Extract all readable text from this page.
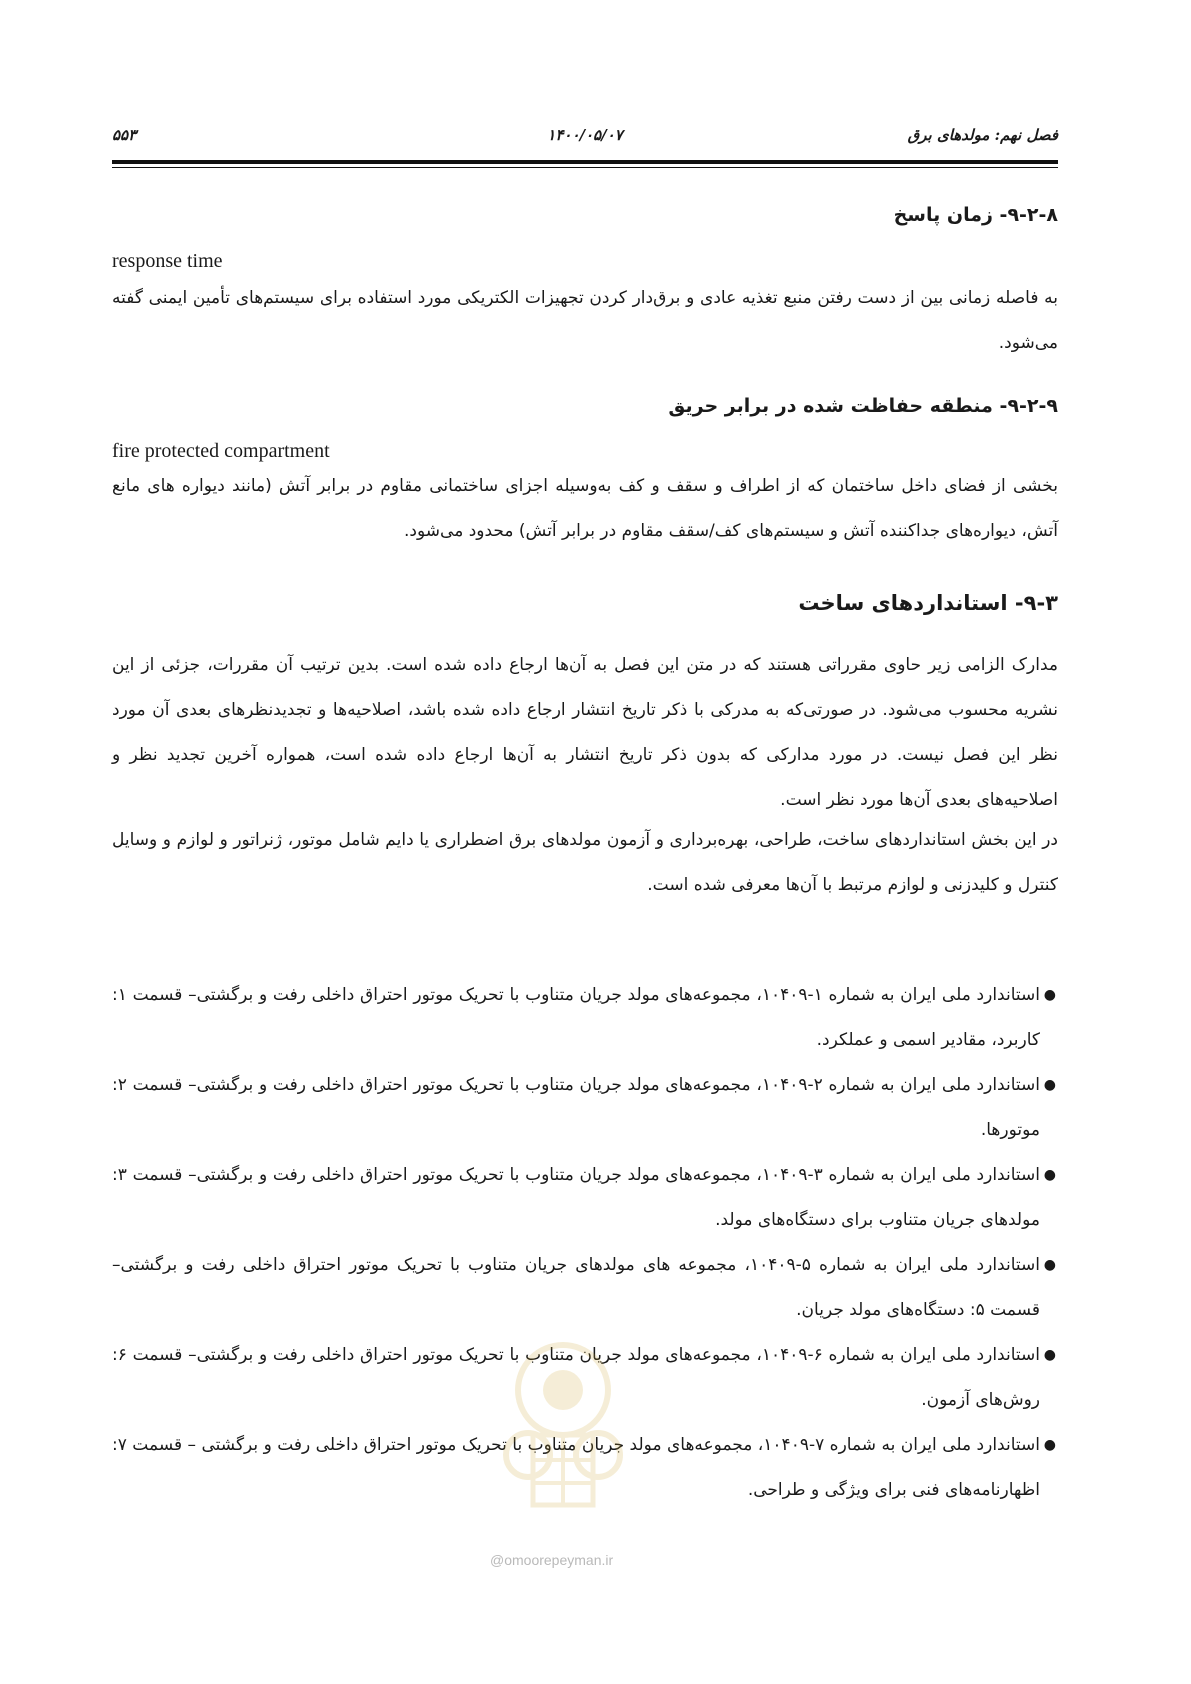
فصل نهم: مولدهای برق
۱۴۰۰/۰۵/۰۷
۵۵۳
۹-۲-۸- زمان پاسخ
response time
به فاصله زمانی بین از دست رفتن منبع تغذیه عادی و برق‌دار کردن تجهیزات الکتریکی مورد استفاده برای سیستم‌های تأمین ایمنی گفته می‌شود.
۹-۲-۹- منطقه حفاظت شده در برابر حریق
fire protected compartment
بخشی از فضای داخل ساختمان که از اطراف و سقف و کف به‌وسیله اجزای ساختمانی مقاوم در برابر آتش (مانند دیواره های مانع آتش، دیواره‌های جداکننده آتش و سیستم‌های کف/سقف مقاوم در برابر آتش) محدود می‌شود.
۹-۳- استانداردهای ساخت
مدارک الزامی زیر حاوی مقرراتی هستند که در متن این فصل به آن‌ها ارجاع داده شده است. بدین ترتیب آن مقررات، جزئی از این نشریه محسوب می‌شود. در صورتی‌که به مدرکی با ذکر تاریخ انتشار ارجاع داده شده باشد، اصلاحیه‌ها و تجدیدنظرهای بعدی آن مورد نظر این فصل نیست. در مورد مدارکی که بدون ذکر تاریخ انتشار به آن‌ها ارجاع داده شده است، همواره آخرین تجدید نظر و اصلاحیه‌های بعدی آن‌ها مورد نظر است.
در این بخش استانداردهای ساخت، طراحی، بهره‌برداری و آزمون مولدهای برق اضطراری یا دایم شامل موتور، ژنراتور و لوازم و وسایل کنترل و کلیدزنی و لوازم مرتبط با آن‌ها معرفی شده است.
●
استاندارد ملی ایران به شماره ۱-۱۰۴۰۹، مجموعه‌های مولد جریان متناوب با تحریک موتور احتراق داخلی رفت و برگشتی– قسمت ۱: کاربرد، مقادیر اسمی و عملکرد.
●
استاندارد ملی ایران به شماره ۲-۱۰۴۰۹، مجموعه‌های مولد جریان متناوب با تحریک موتور احتراق داخلی رفت و برگشتی– قسمت ۲: موتورها.
●
استاندارد ملی ایران به شماره ۳-۱۰۴۰۹، مجموعه‌های مولد جریان متناوب با تحریک موتور احتراق داخلی رفت و برگشتی– قسمت ۳: مولدهای جریان متناوب برای دستگاه‌های مولد.
●
استاندارد ملی ایران به شماره ۵-۱۰۴۰۹، مجموعه های مولدهای جریان متناوب با تحریک موتور احتراق داخلی رفت و برگشتی– قسمت ۵: دستگاه‌های مولد جریان.
●
استاندارد ملی ایران به شماره ۶-۱۰۴۰۹، مجموعه‌های مولد جریان متناوب با تحریک موتور احتراق داخلی رفت و برگشتی– قسمت ۶: روش‌های آزمون.
●
استاندارد ملی ایران به شماره ۷-۱۰۴۰۹، مجموعه‌های مولد جریان متناوب با تحریک موتور احتراق داخلی رفت و برگشتی – قسمت ۷: اظهارنامه‌های فنی برای ویژگی و طراحی.
@omoorepeyman.ir
